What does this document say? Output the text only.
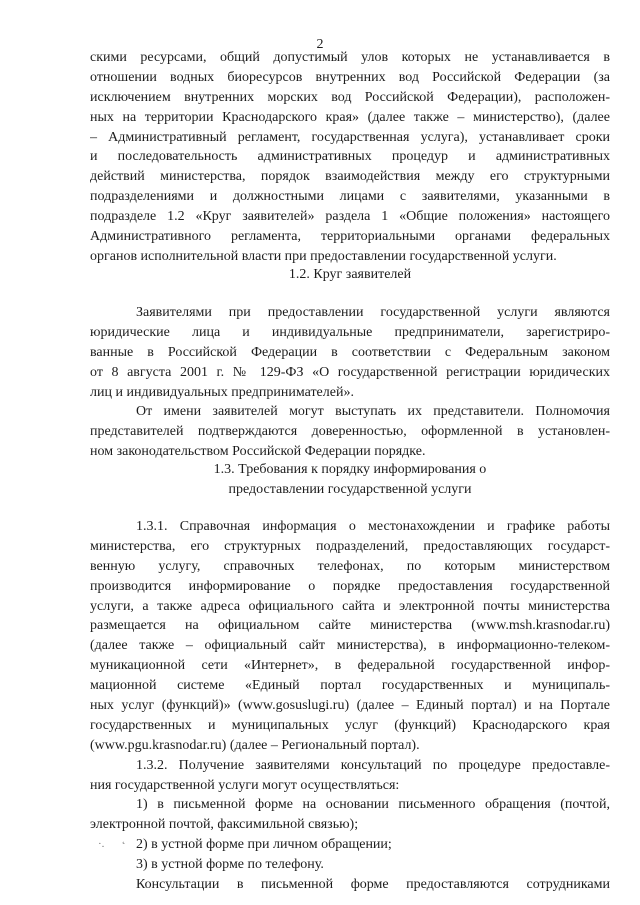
2
скими ресурсами, общий допустимый улов которых не устанавливается в
отношении водных биоресурсов внутренних вод Российской Федерации (за
исключением внутренних морских вод Российской Федерации), расположен-
ных на территории Краснодарского края» (далее также – министерство), (далее
– Административный регламент, государственная услуга), устанавливает сроки
и последовательность административных процедур и административных
действий министерства, порядок взаимодействия между его структурными
подразделениями и должностными лицами с заявителями, указанными в
подразделе 1.2 «Круг заявителей» раздела 1 «Общие положения» настоящего
Административного регламента, территориальными органами федеральных
органов исполнительной власти при предоставлении государственной услуги.
1.2. Круг заявителей
Заявителями при предоставлении государственной услуги являются
юридические лица и индивидуальные предприниматели, зарегистриро-
ванные в Российской Федерации в соответствии с Федеральным законом
от 8 августа 2001 г. № 129-ФЗ «О государственной регистрации юридических
лиц и индивидуальных предпринимателей».
От имени заявителей могут выступать их представители. Полномочия
представителей подтверждаются доверенностью, оформленной в установлен-
ном законодательством Российской Федерации порядке.
1.3. Требования к порядку информирования о
предоставлении государственной услуги
1.3.1. Справочная информация о местонахождении и графике работы
министерства, его структурных подразделений, предоставляющих государст-
венную услугу, справочных телефонах, по которым министерством
производится информирование о порядке предоставления государственной
услуги, а также адреса официального сайта и электронной почты министерства
размещается на официальном сайте министерства (www.msh.krasnodar.ru)
(далее также – официальный сайт министерства), в информационно-телеком-
муникационной сети «Интернет», в федеральной государственной инфор-
мационной системе «Единый портал государственных и муниципаль-
ных услуг (функций)» (www.gosuslugi.ru) (далее – Единый портал) и на Портале
государственных и муниципальных услуг (функций) Краснодарского края
(www.pgu.krasnodar.ru) (далее – Региональный портал).
1.3.2. Получение заявителями консультаций по процедуре предоставле-
ния государственной услуги могут осуществляться:
1) в письменной форме на основании письменного обращения (почтой,
электронной почтой, факсимильной связью);
2) в устной форме при личном обращении;
3) в устной форме по телефону.
Консультации в письменной форме предоставляются сотрудниками
·. ˛
